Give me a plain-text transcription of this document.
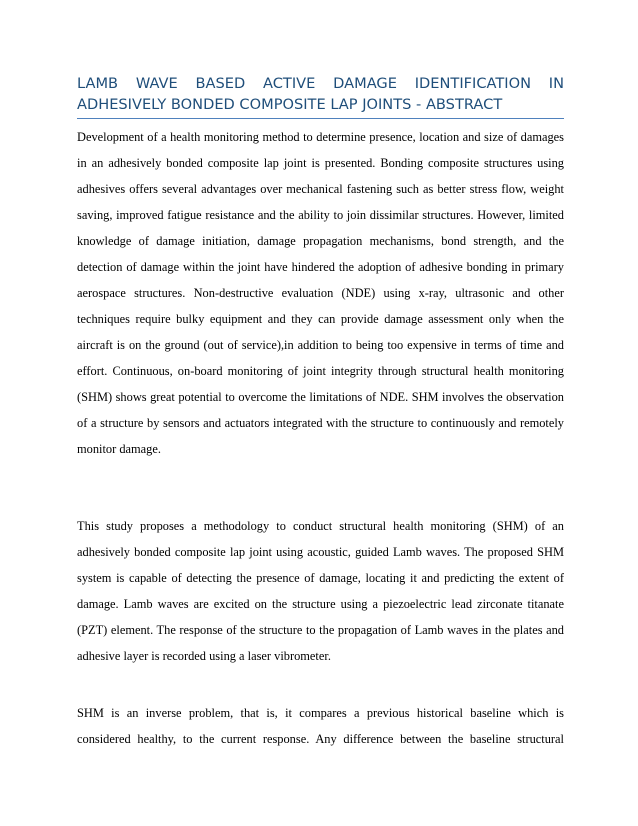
LAMB WAVE BASED ACTIVE DAMAGE IDENTIFICATION IN
ADHESIVELY BONDED COMPOSITE LAP JOINTS - ABSTRACT
Development of a health monitoring method to determine presence, location and size of damages
in an adhesively bonded composite lap joint is presented. Bonding composite structures using
adhesives offers several advantages over mechanical fastening such as better stress flow, weight
saving, improved fatigue resistance and the ability to join dissimilar structures. However, limited
knowledge of damage initiation, damage propagation mechanisms, bond strength, and the
detection of damage within the joint have hindered the adoption of adhesive bonding in primary
aerospace structures. Non-destructive evaluation (NDE) using x-ray, ultrasonic and other
techniques require bulky equipment and they can provide damage assessment only when the
aircraft is on the ground (out of service),in addition to being too expensive in terms of time and
effort. Continuous, on-board monitoring of joint integrity through structural health monitoring
(SHM) shows great potential to overcome the limitations of NDE. SHM involves the observation
of a structure by sensors and actuators integrated with the structure to continuously and remotely
monitor damage.
This study proposes a methodology to conduct structural health monitoring (SHM) of an
adhesively bonded composite lap joint using acoustic, guided Lamb waves. The proposed SHM
system is capable of detecting the presence of damage, locating it and predicting the extent of
damage. Lamb waves are excited on the structure using a piezoelectric lead zirconate titanate
(PZT) element. The response of the structure to the propagation of Lamb waves in the plates and
adhesive layer is recorded using a laser vibrometer.
SHM is an inverse problem, that is, it compares a previous historical baseline which is
considered healthy, to the current response. Any difference between the baseline structural
